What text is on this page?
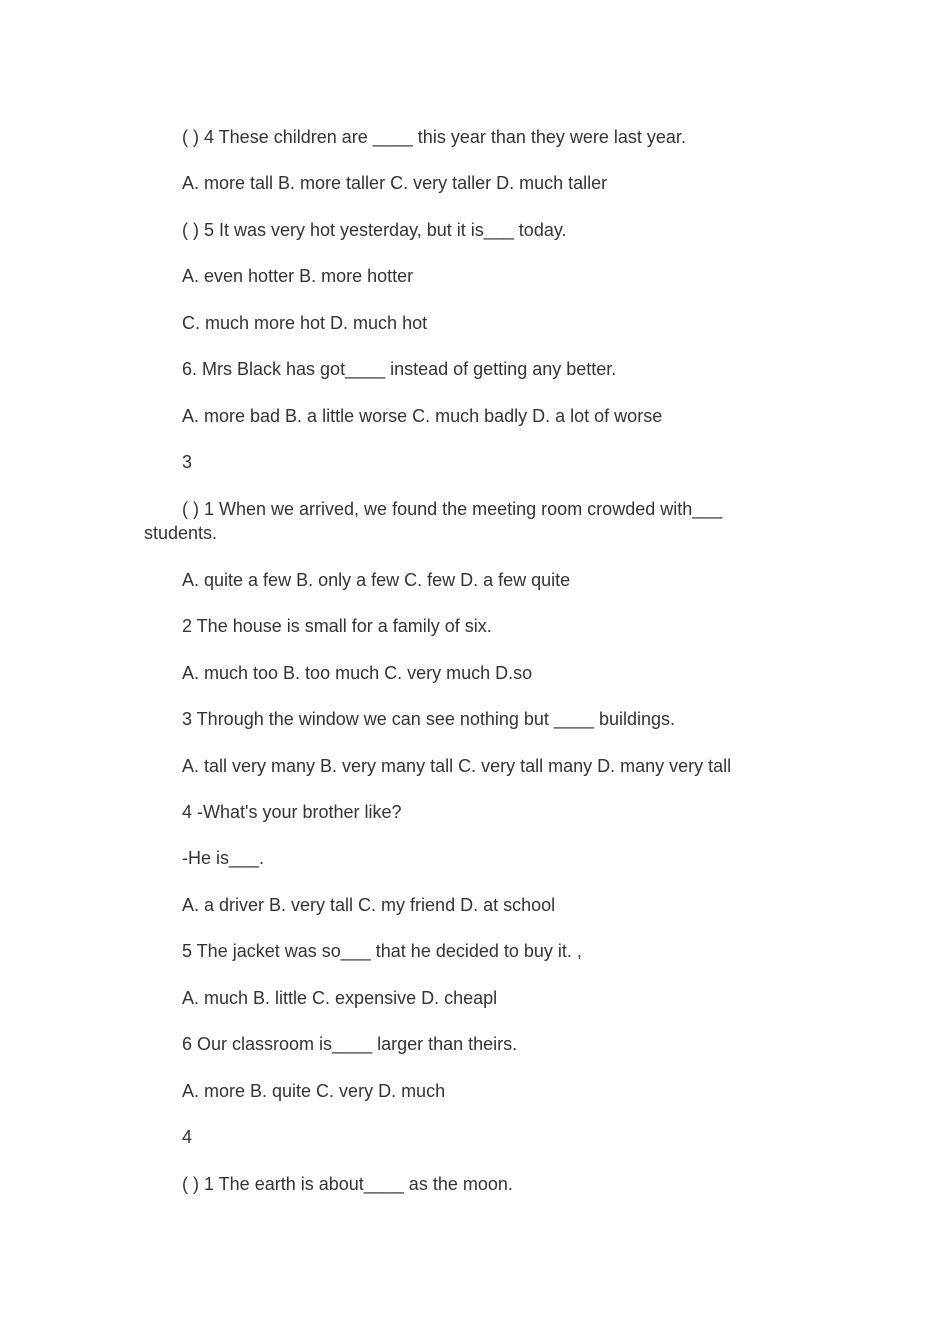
( ) 4 These children are ____ this year than they were last year.
A. more tall B. more taller C. very taller D. much taller
( ) 5 It was very hot yesterday, but it is___ today.
A. even hotter B. more hotter
C. much more hot D. much hot
6. Mrs Black has got____ instead of getting any better.
A. more bad B. a little worse C. much badly D. a lot of worse
3
( ) 1 When we arrived, we found the meeting room crowded with___
students.
A. quite a few B. only a few C. few D. a few quite
2 The house is small for a family of six.
A. much too B. too much C. very much D.so
3 Through the window we can see nothing but ____ buildings.
A. tall very many B. very many tall C. very tall many D. many very tall
4 -What's your brother like?
-He is___.
A. a driver B. very tall C. my friend D. at school
5 The jacket was so___ that he decided to buy it. ,
A. much B. little C. expensive D. cheapl
6 Our classroom is____ larger than theirs.
A. more B. quite C. very D. much
4
( ) 1 The earth is about____ as the moon.
